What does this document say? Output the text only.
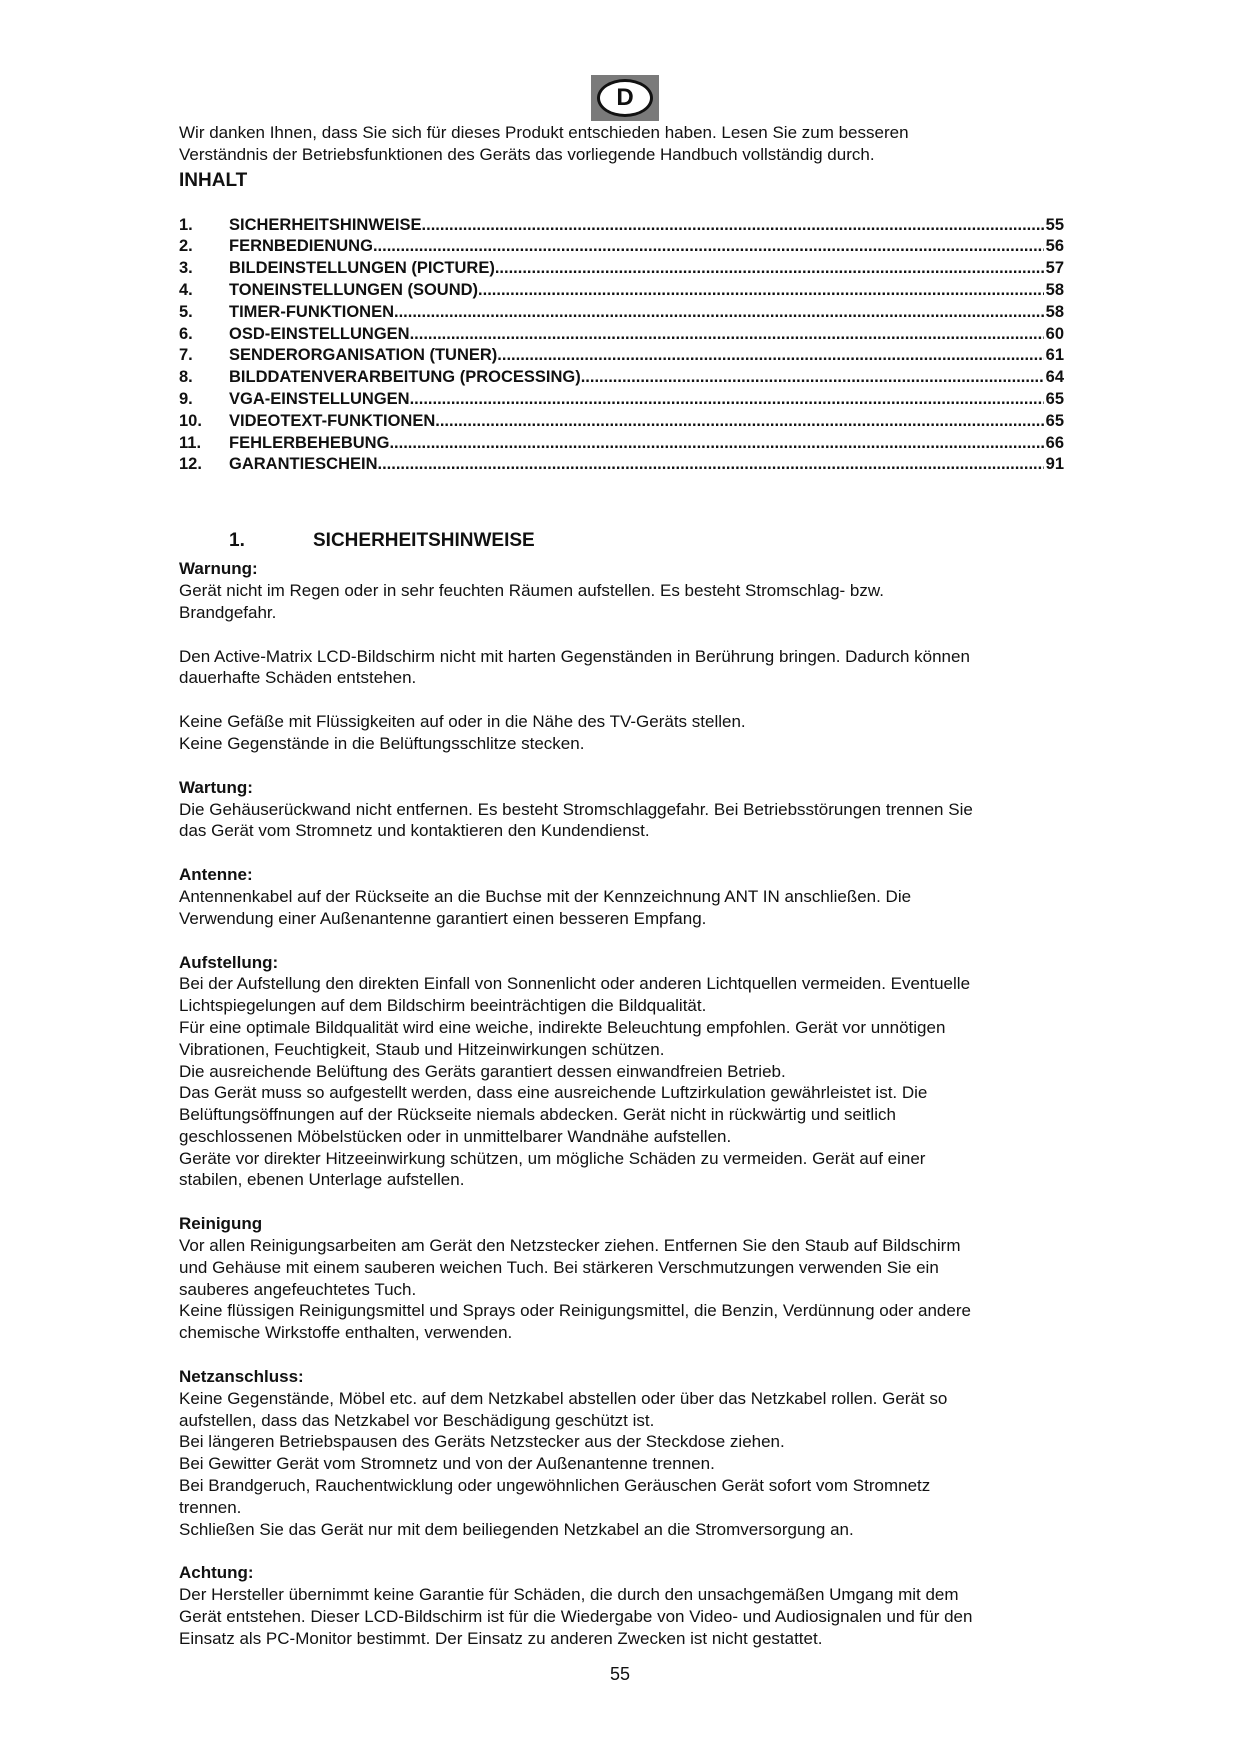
D

Wir danken Ihnen, dass Sie sich für dieses Produkt entschieden haben. Lesen Sie zum besseren

Verständnis der Betriebsfunktionen des Geräts das vorliegende Handbuch vollständig durch.

INHALT
1.	SICHERHEITSHINWEISE .....	55
2.	FERNBEDIENUNG .....	56
3.	BILDEINSTELLUNGEN (PICTURE) .....	57
4.	TONEINSTELLUNGEN (SOUND) .....	58
5.	TIMER-FUNKTIONEN .....	58
6.	OSD-EINSTELLUNGEN .....	60
7.	SENDERORGANISATION (TUNER) .....	61
8.	BILDDATENVERARBEITUNG (PROCESSING) .....	64
9.	VGA-EINSTELLUNGEN .....	65
10.	VIDEOTEXT-FUNKTIONEN .....	65
11.	FEHLERBEHEBUNG .....	66
12.	GARANTIESCHEIN .....	91
1.	SICHERHEITSHINWEISE

Warnung:

Gerät nicht im Regen oder in sehr feuchten Räumen aufstellen. Es besteht Stromschlag- bzw.

Brandgefahr.

Den Active-Matrix LCD-Bildschirm nicht mit harten Gegenständen in Berührung bringen. Dadurch können

dauerhafte Schäden entstehen.

Keine Gefäße mit Flüssigkeiten auf oder in die Nähe des TV-Geräts stellen.

Keine Gegenstände in die Belüftungsschlitze stecken.

Wartung:

Die Gehäuserückwand nicht entfernen. Es besteht Stromschlaggefahr. Bei Betriebsstörungen trennen Sie

das Gerät vom Stromnetz und kontaktieren den Kundendienst.

Antenne:

Antennenkabel auf der Rückseite an die Buchse mit der Kennzeichnung ANT IN anschließen. Die

Verwendung einer Außenantenne garantiert einen besseren Empfang.

Aufstellung:

Bei der Aufstellung den direkten Einfall von Sonnenlicht oder anderen Lichtquellen vermeiden. Eventuelle

Lichtspiegelungen auf dem Bildschirm beeinträchtigen die Bildqualität.

Für eine optimale Bildqualität wird eine weiche, indirekte Beleuchtung empfohlen. Gerät vor unnötigen

Vibrationen, Feuchtigkeit, Staub und Hitzeinwirkungen schützen.

Die ausreichende Belüftung des Geräts garantiert dessen einwandfreien Betrieb.

Das Gerät muss so aufgestellt werden, dass eine ausreichende Luftzirkulation gewährleistet ist. Die

Belüftungsöffnungen auf der Rückseite niemals abdecken. Gerät nicht in rückwärtig und seitlich

geschlossenen Möbelstücken oder in unmittelbarer Wandnähe aufstellen.

Geräte vor direkter Hitzeeinwirkung schützen, um mögliche Schäden zu vermeiden. Gerät auf einer

stabilen, ebenen Unterlage aufstellen.

Reinigung

Vor allen Reinigungsarbeiten am Gerät den Netzstecker ziehen. Entfernen Sie den Staub auf Bildschirm

und Gehäuse mit einem sauberen weichen Tuch. Bei stärkeren Verschmutzungen verwenden Sie ein

sauberes angefeuchtetes Tuch.

Keine flüssigen Reinigungsmittel und Sprays oder Reinigungsmittel, die Benzin, Verdünnung oder andere

chemische Wirkstoffe enthalten, verwenden.

Netzanschluss:

Keine Gegenstände, Möbel etc. auf dem Netzkabel abstellen oder über das Netzkabel rollen. Gerät so

aufstellen, dass das Netzkabel vor Beschädigung geschützt ist.

Bei längeren Betriebspausen des Geräts Netzstecker aus der Steckdose ziehen.

Bei Gewitter Gerät vom Stromnetz und von der Außenantenne trennen.

Bei Brandgeruch, Rauchentwicklung oder ungewöhnlichen Geräuschen Gerät sofort vom Stromnetz

trennen.

Schließen Sie das Gerät nur mit dem beiliegenden Netzkabel an die Stromversorgung an.

Achtung:

Der Hersteller übernimmt keine Garantie für Schäden, die durch den unsachgemäßen Umgang mit dem

Gerät entstehen. Dieser LCD-Bildschirm ist für die Wiedergabe von Video- und Audiosignalen und für den

Einsatz als PC-Monitor bestimmt. Der Einsatz zu anderen Zwecken ist nicht gestattet.

55
